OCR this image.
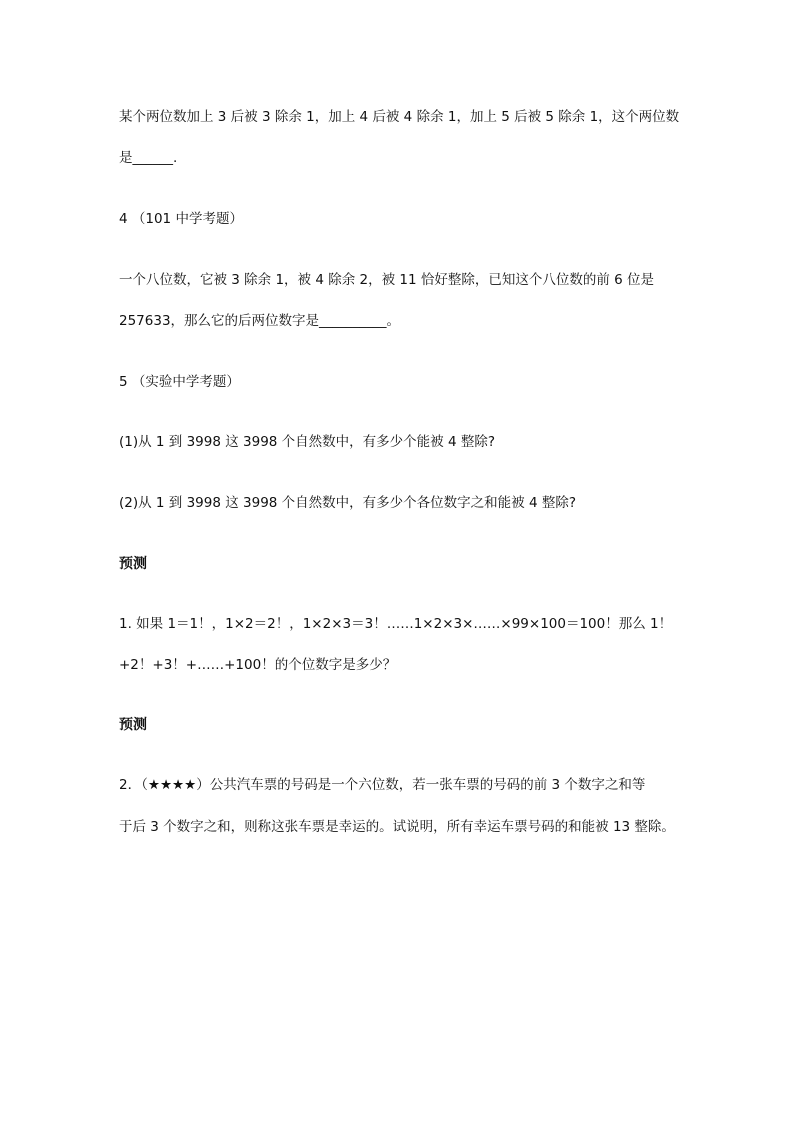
某个两位数加上 3 后被 3 除余 1，加上 4 后被 4 除余 1，加上 5 后被 5 除余 1，这个两位数
是______.
4 （101 中学考题）
一个八位数，它被 3 除余 1，被 4 除余 2，被 11 恰好整除，已知这个八位数的前 6 位是
257633，那么它的后两位数字是__________。
5 （实验中学考题）
(1)从 1 到 3998 这 3998 个自然数中，有多少个能被 4 整除?
(2)从 1 到 3998 这 3998 个自然数中，有多少个各位数字之和能被 4 整除?
预测
1. 如果 1＝1！，1×2＝2！，1×2×3＝3！……1×2×3×……×99×100＝100！那么 1！
+2！+3！+……+100！的个位数字是多少？
预测
2．（★★★★）公共汽车票的号码是一个六位数，若一张车票的号码的前 3 个数字之和等
于后 3 个数字之和，则称这张车票是幸运的。试说明，所有幸运车票号码的和能被 13 整除。
